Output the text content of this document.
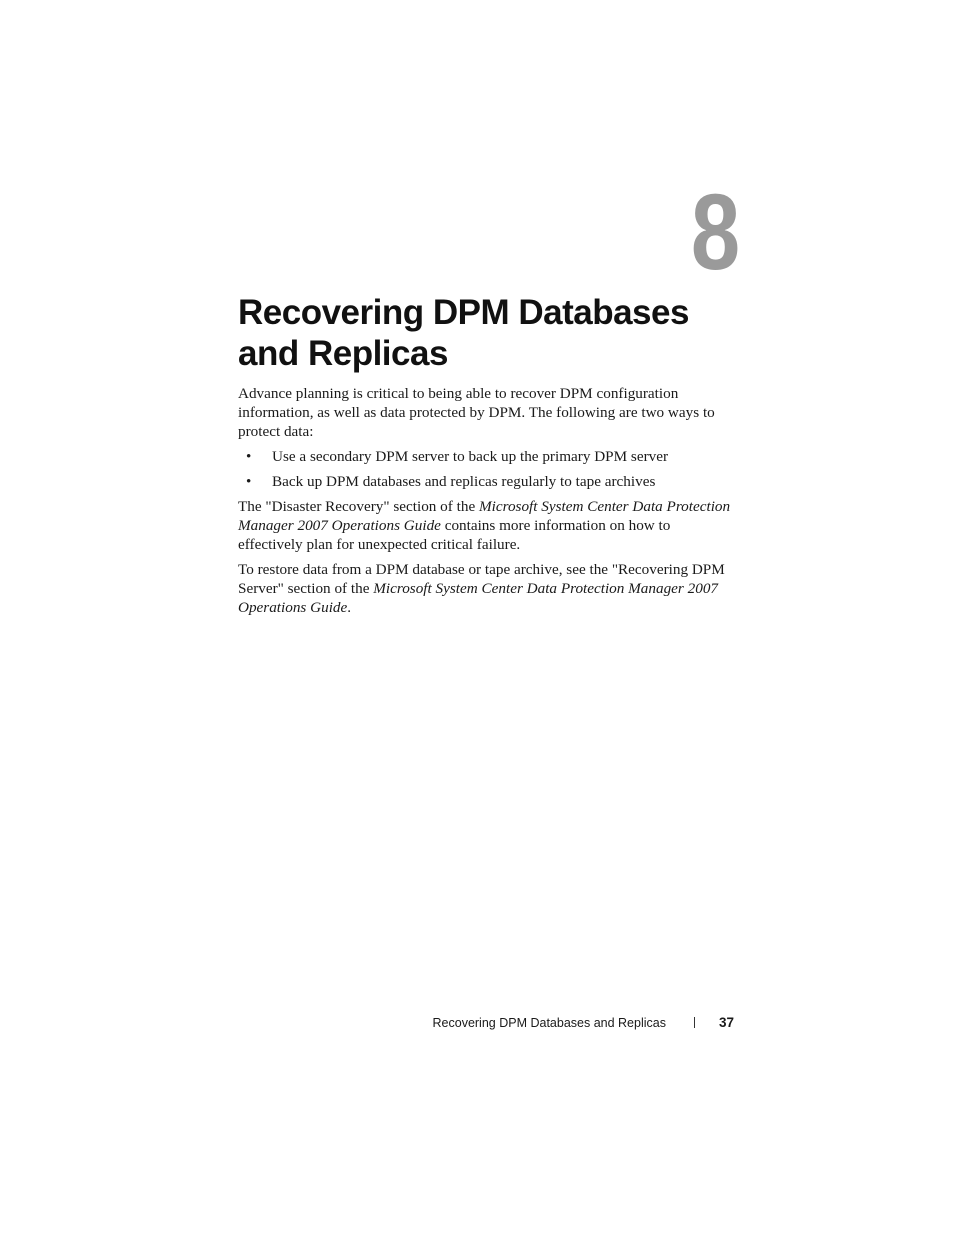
8
Recovering DPM Databases and Replicas

Advance planning is critical to being able to recover DPM configuration information, as well as data protected by DPM. The following are two ways to protect data:

• Use a secondary DPM server to back up the primary DPM server
• Back up DPM databases and replicas regularly to tape archives

The "Disaster Recovery" section of the Microsoft System Center Data Protection Manager 2007 Operations Guide contains more information on how to effectively plan for unexpected critical failure.

To restore data from a DPM database or tape archive, see the "Recovering DPM Server" section of the Microsoft System Center Data Protection Manager 2007 Operations Guide.

Recovering DPM Databases and Replicas	37
